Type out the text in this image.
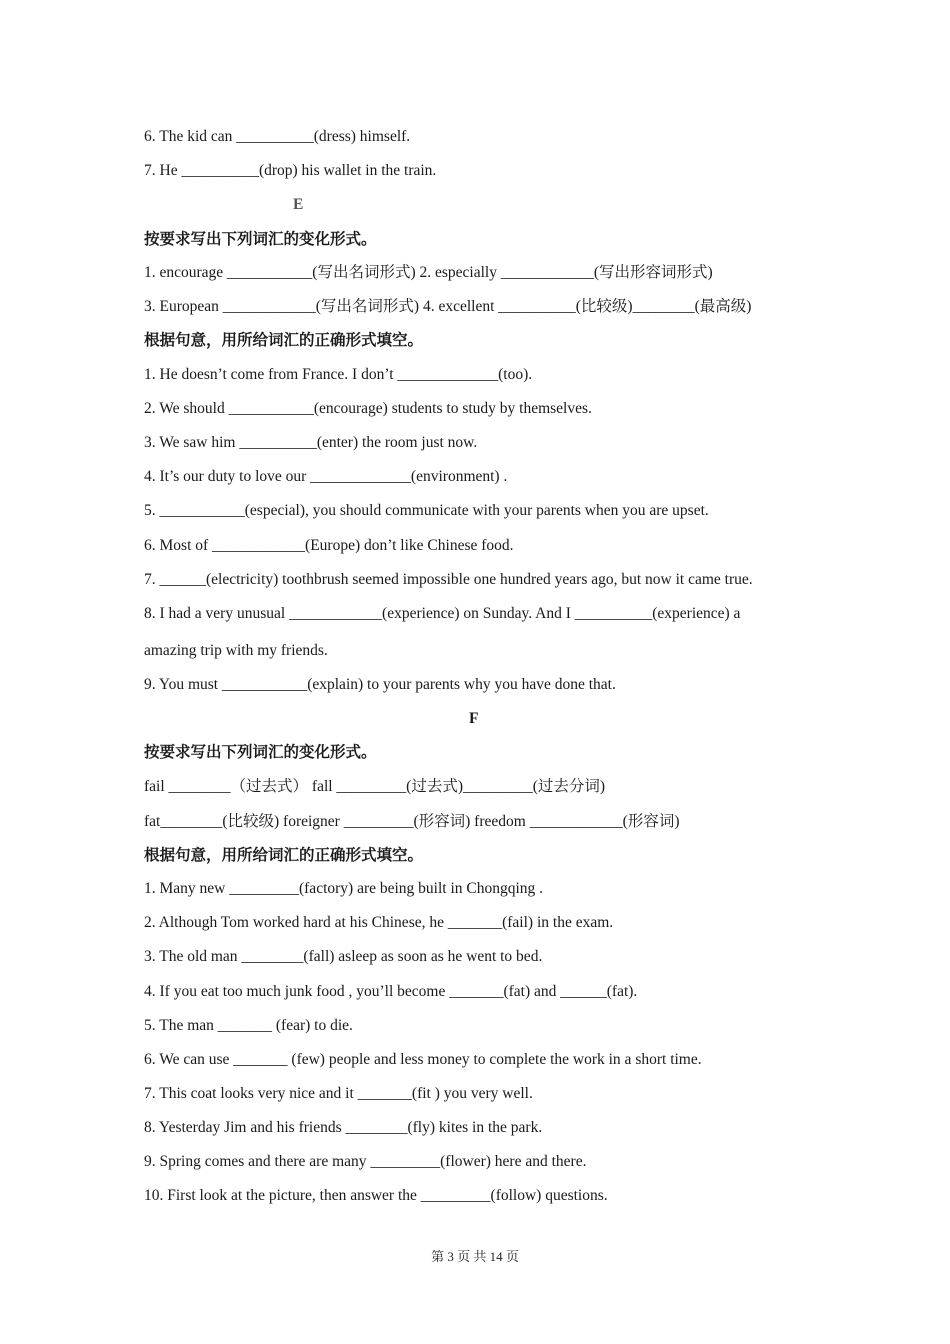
6. The kid can __________(dress) himself.
7. He __________(drop) his wallet in the train.
E
按要求写出下列词汇的变化形式。
1. encourage ___________(写出名词形式) 2. especially ____________(写出形容词形式)
3. European ____________(写出名词形式) 4. excellent __________(比较级)________(最高级)
根据句意，用所给词汇的正确形式填空。
1. He doesn’t come from France. I don’t _____________(too).
2. We should ___________(encourage) students to study by themselves.
3. We saw him __________(enter) the room just now.
4. It’s our duty to love our _____________(environment) .
5. ___________(especial), you should communicate with your parents when you are upset.
6. Most of ____________(Europe) don’t like Chinese food.
7. ______(electricity) toothbrush seemed impossible one hundred years ago, but now it came true.
8. I had a very unusual ____________(experience) on Sunday. And I __________(experience) a
amazing trip with my friends.
9. You must ___________(explain) to your parents why you have done that.
F
按要求写出下列词汇的变化形式。
fail ________（过去式） fall _________(过去式)_________(过去分词)
fat________(比较级) foreigner _________(形容词) freedom ____________(形容词)
根据句意，用所给词汇的正确形式填空。
1. Many new _________(factory) are being built in Chongqing .
2. Although Tom worked hard at his Chinese, he _______(fail) in the exam.
3. The old man ________(fall) asleep as soon as he went to bed.
4. If you eat too much junk food , you’ll become _______(fat) and ______(fat).
5. The man _______ (fear) to die.
6. We can use _______ (few) people and less money to complete the work in a short time.
7. This coat looks very nice and it _______(fit ) you very well.
8. Yesterday Jim and his friends ________(fly) kites in the park.
9. Spring comes and there are many _________(flower) here and there.
10. First look at the picture, then answer the _________(follow) questions.
第 3 页 共 14 页
